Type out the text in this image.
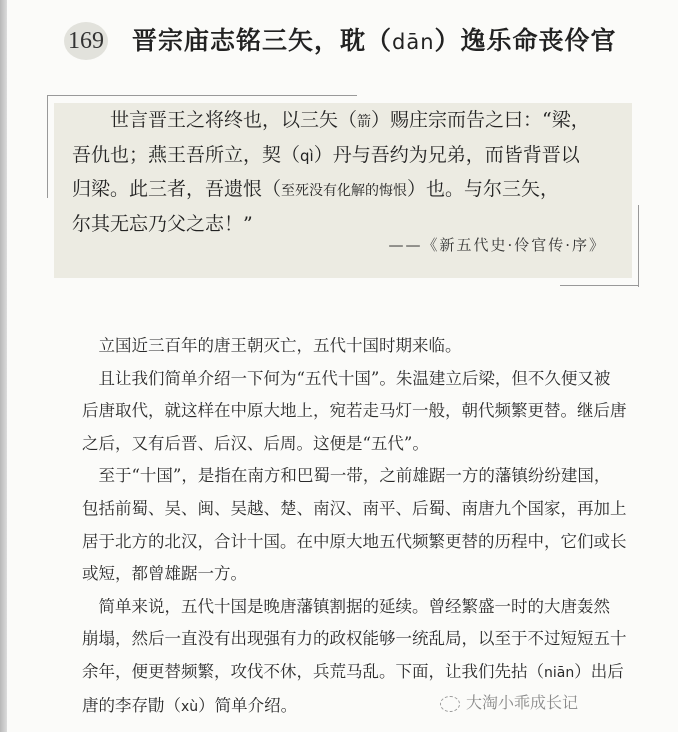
169 晋宗庙志铭三矢，耽（dān）逸乐命丧伶官
　　世言晋王之将终也，以三矢（箭）赐庄宗而告之曰：“梁，
吾仇也；燕王吾所立，契（qì）丹与吾约为兄弟，而皆背晋以
归梁。此三者，吾遗恨（至死没有化解的悔恨）也。与尔三矢，
尔其无忘乃父之志！”
——《新五代史·伶官传·序》
　立国近三百年的唐王朝灭亡，五代十国时期来临。
　且让我们简单介绍一下何为“五代十国”。朱温建立后梁，但不久便又被
后唐取代，就这样在中原大地上，宛若走马灯一般，朝代频繁更替。继后唐
之后，又有后晋、后汉、后周。这便是“五代”。
　至于“十国”，是指在南方和巴蜀一带，之前雄踞一方的藩镇纷纷建国，
包括前蜀、吴、闽、吴越、楚、南汉、南平、后蜀、南唐九个国家，再加上
居于北方的北汉，合计十国。在中原大地五代频繁更替的历程中，它们或长
或短，都曾雄踞一方。
　简单来说，五代十国是晚唐藩镇割据的延续。曾经繁盛一时的大唐轰然
崩塌，然后一直没有出现强有力的政权能够一统乱局，以至于不过短短五十
余年，便更替频繁，攻伐不休，兵荒马乱。下面，让我们先拈（niān）出后
唐的李存勖（xù）简单介绍。	大淘小乖成长记
